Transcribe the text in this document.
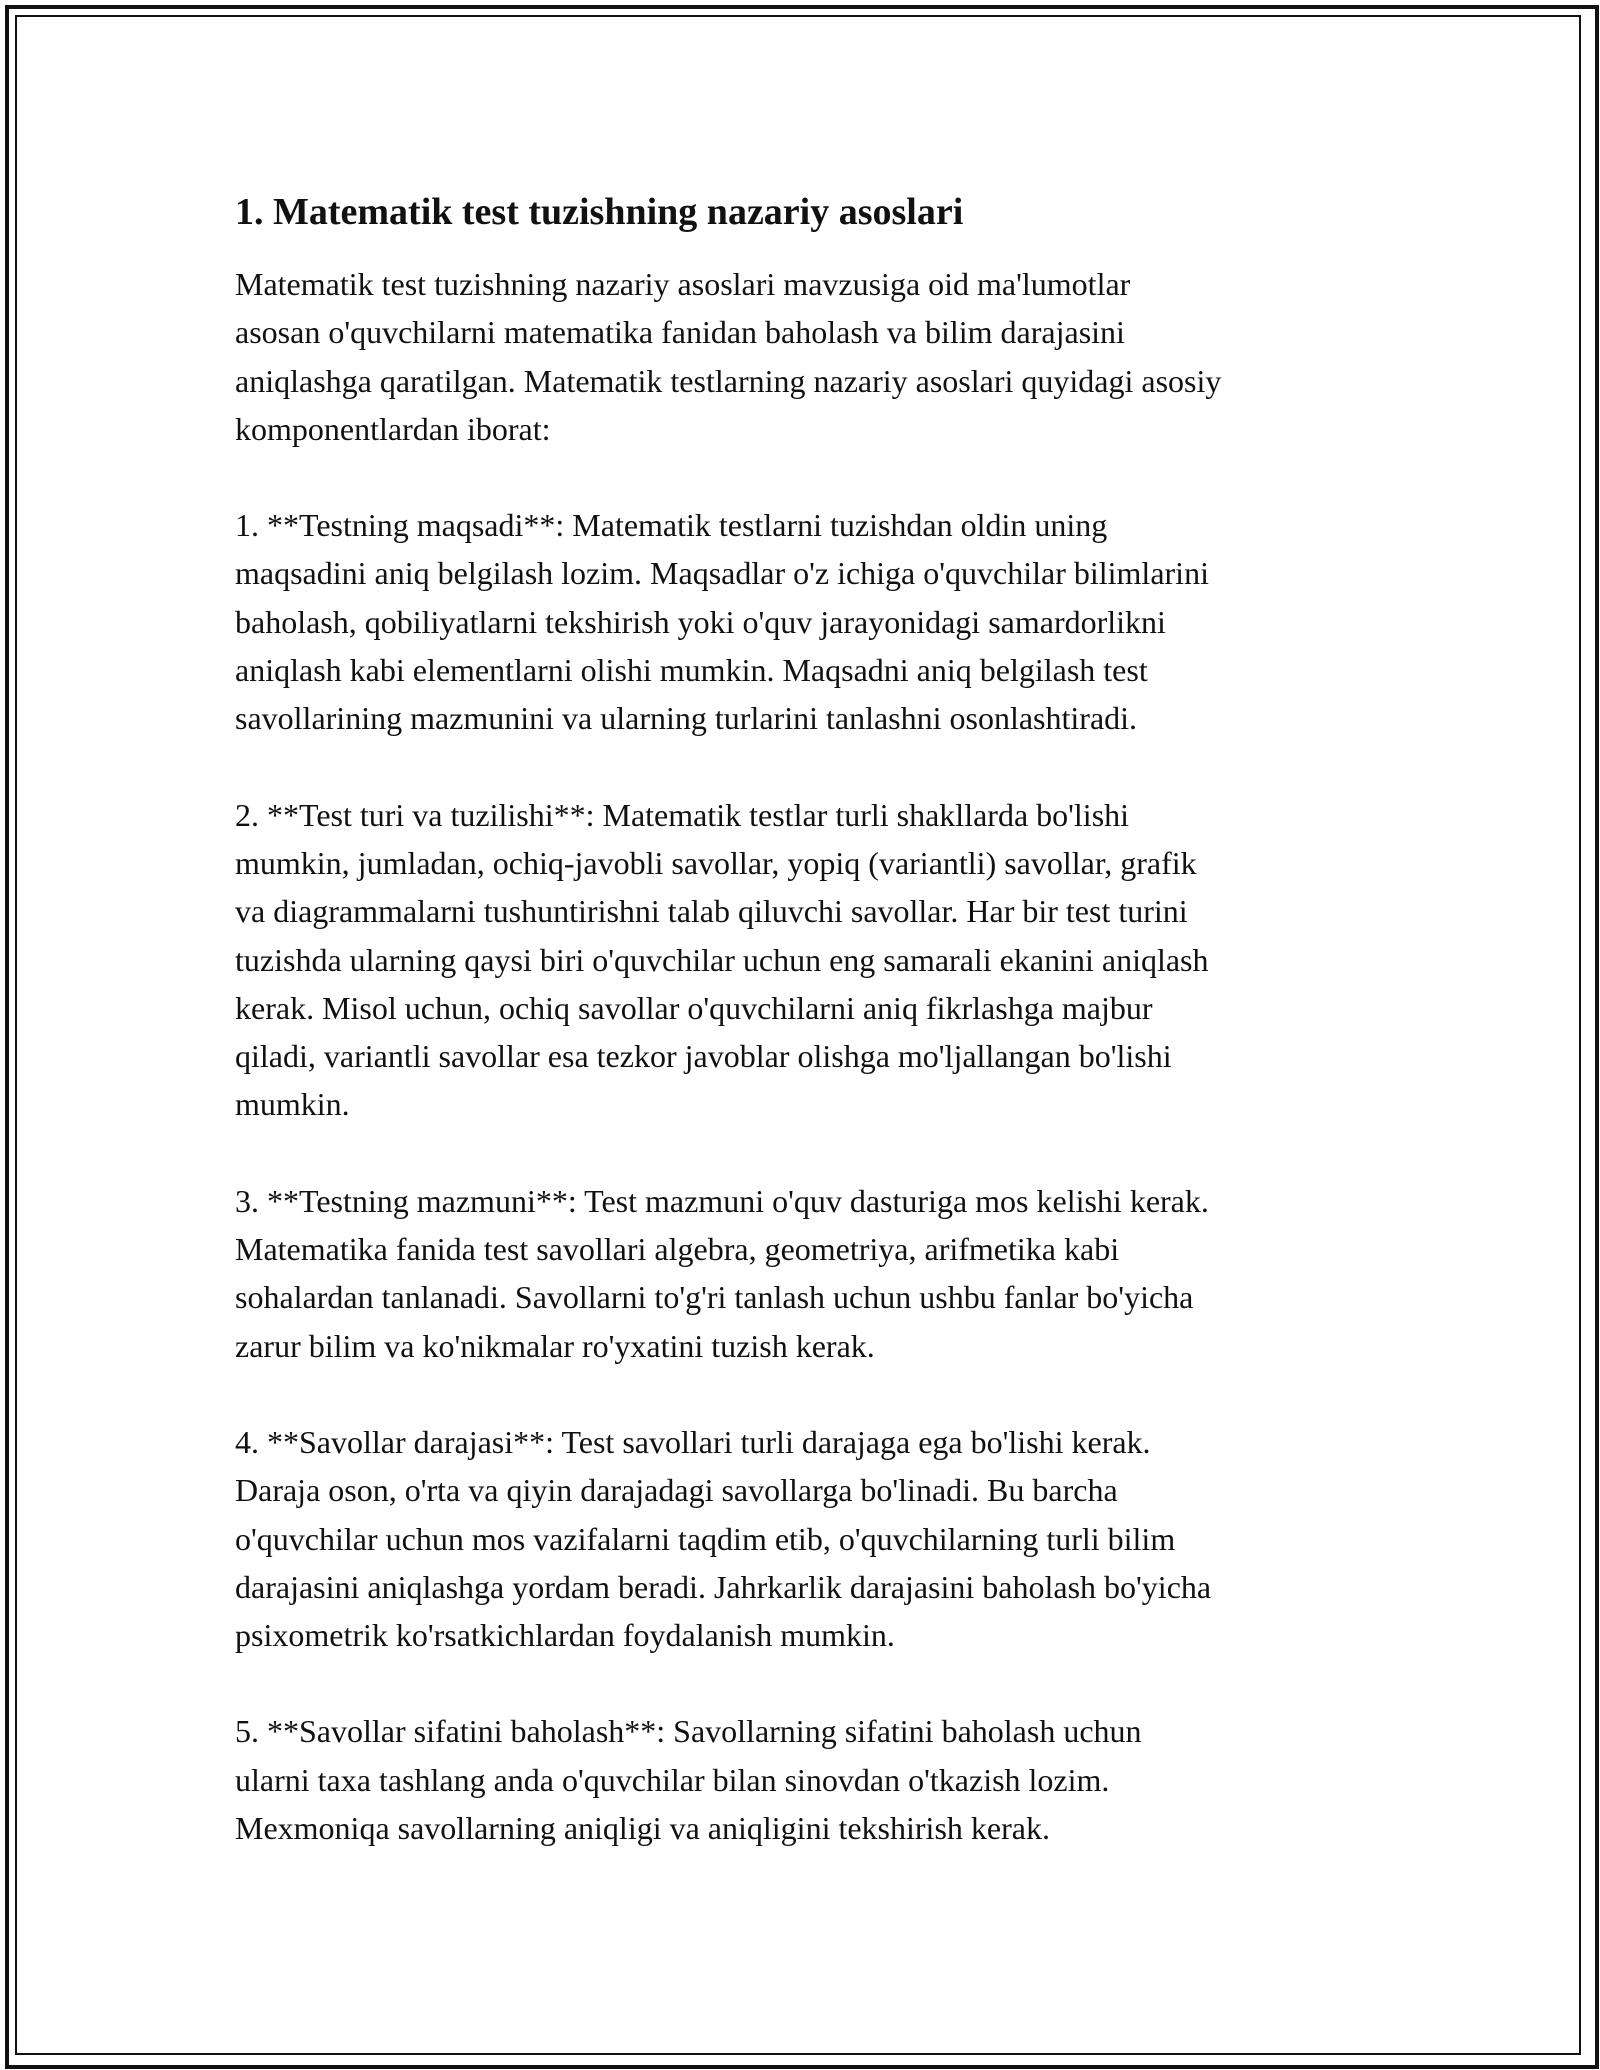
1. Matematik test tuzishning nazariy asoslari
Matematik test tuzishning nazariy asoslari mavzusiga oid ma'lumotlar
asosan o'quvchilarni matematika fanidan baholash va bilim darajasini
aniqlashga qaratilgan. Matematik testlarning nazariy asoslari quyidagi asosiy
komponentlardan iborat:
1. **Testning maqsadi**: Matematik testlarni tuzishdan oldin uning
maqsadini aniq belgilash lozim. Maqsadlar o'z ichiga o'quvchilar bilimlarini
baholash, qobiliyatlarni tekshirish yoki o'quv jarayonidagi samardorlikni
aniqlash kabi elementlarni olishi mumkin. Maqsadni aniq belgilash test
savollarining mazmunini va ularning turlarini tanlashni osonlashtiradi.
2. **Test turi va tuzilishi**: Matematik testlar turli shakllarda bo'lishi
mumkin, jumladan, ochiq-javobli savollar, yopiq (variantli) savollar, grafik
va diagrammalarni tushuntirishni talab qiluvchi savollar. Har bir test turini
tuzishda ularning qaysi biri o'quvchilar uchun eng samarali ekanini aniqlash
kerak. Misol uchun, ochiq savollar o'quvchilarni aniq fikrlashga majbur
qiladi, variantli savollar esa tezkor javoblar olishga mo'ljallangan bo'lishi
mumkin.
3. **Testning mazmuni**: Test mazmuni o'quv dasturiga mos kelishi kerak.
Matematika fanida test savollari algebra, geometriya, arifmetika kabi
sohalardan tanlanadi. Savollarni to'g'ri tanlash uchun ushbu fanlar bo'yicha
zarur bilim va ko'nikmalar ro'yxatini tuzish kerak.
4. **Savollar darajasi**: Test savollari turli darajaga ega bo'lishi kerak.
Daraja oson, o'rta va qiyin darajadagi savollarga bo'linadi. Bu barcha
o'quvchilar uchun mos vazifalarni taqdim etib, o'quvchilarning turli bilim
darajasini aniqlashga yordam beradi. Jahrkarlik darajasini baholash bo'yicha
psixometrik ko'rsatkichlardan foydalanish mumkin.
5. **Savollar sifatini baholash**: Savollarning sifatini baholash uchun
ularni taxa tashlang anda o'quvchilar bilan sinovdan o'tkazish lozim.
Mexmoniqa savollarning aniqligi va aniqligini tekshirish kerak.
